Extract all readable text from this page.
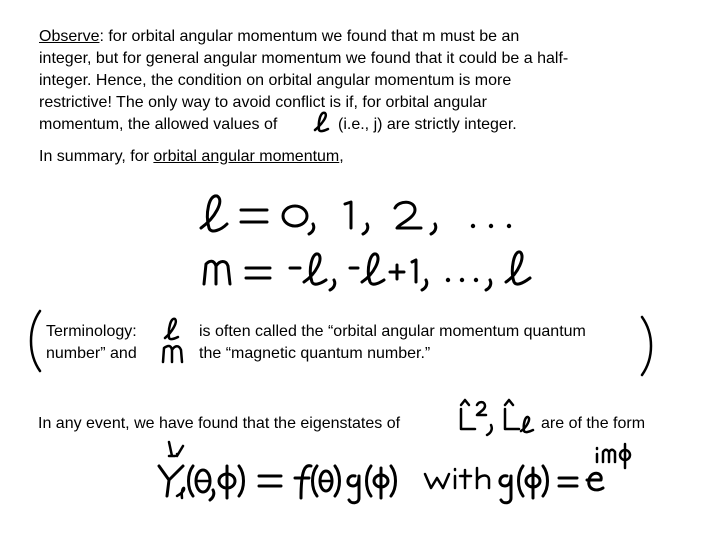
Observe: for orbital angular momentum we found that m must be an
integer, but for general angular momentum we found that it could be a half-
integer. Hence, the condition on orbital angular momentum is more
restrictive! The only way to avoid conflict is if, for orbital angular
momentum, the allowed values of	(i.e., j) are strictly integer.
In summary, for orbital angular momentum,
Terminology:
number” and
is often called the “orbital angular momentum quantum
the “magnetic quantum number.”
In any event, we have found that the eigenstates of	are of the form
